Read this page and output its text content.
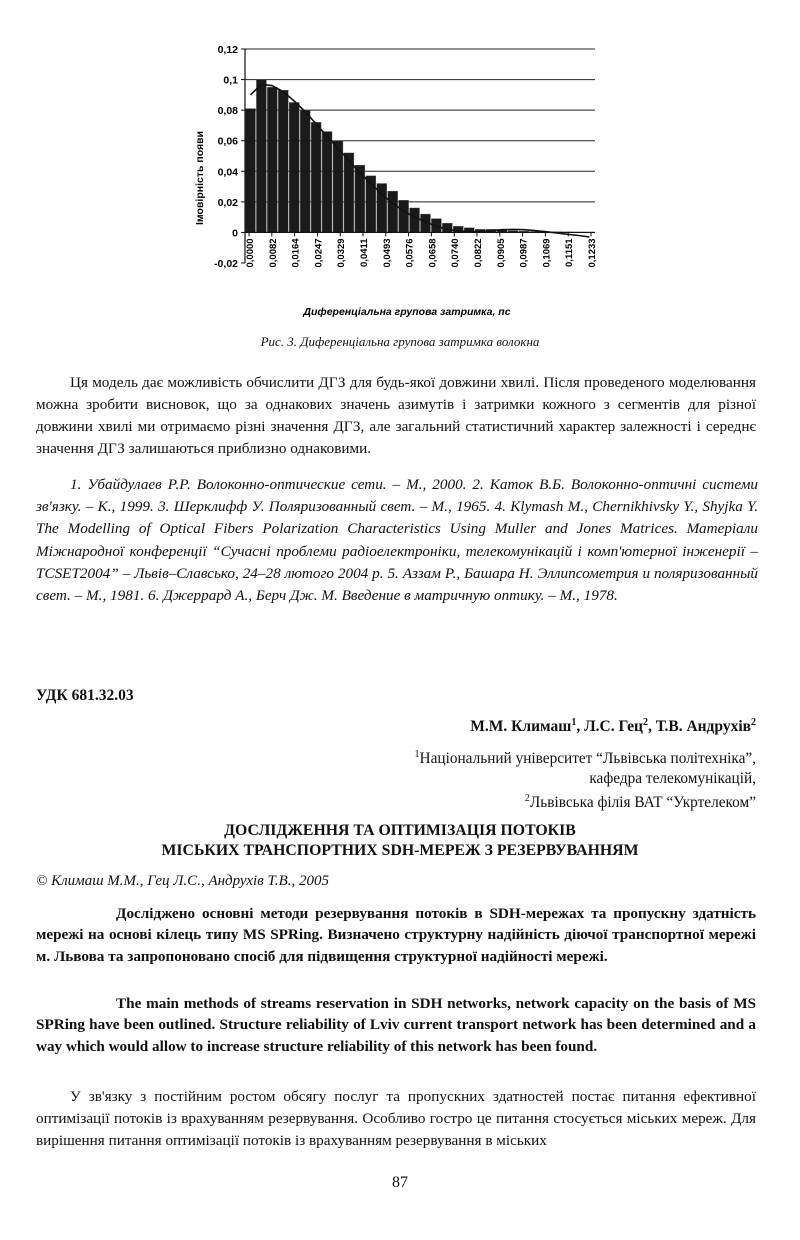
0,12
0,1
0,08
0,06
0,04
0,02
0
-0,02 0,0000 0,0082 0,0164 0,0247 0,0329 0,0411 0,0493 0,0576 0,0658 0,0740 0,0822 0,0905 0,0987 0,1069 0,1151 0,1233
Імовірність появи
Диференціальна групова затримка, пс
Рис. 3. Диференціальна групова затримка волокна
Ця модель дає можливість обчислити ДГЗ для будь-якої довжини хвилі. Після проведеного моделювання можна зробити висновок, що за однакових значень азимутів і затримки кожного з сегментів для різної довжини хвилі ми отримаємо різні значення ДГЗ, але загальний статистичний характер залежності і середнє значення ДГЗ залишаються приблизно однаковими.
1. Убайдулаев Р.Р. Волоконно-оптические сети. – М., 2000. 2. Каток В.Б. Волоконно-оптичні системи зв'язку. – К., 1999. 3. Шерклифф У. Поляризованный свет. – М., 1965. 4. Klymash M., Chernikhivsky Y., Shyjka Y. The Modelling of Optical Fibers Polarization Characteristics Using Muller and Jones Matrices. Матеріали Міжнародної конференції “Сучасні проблеми радіоелектроніки, телекомунікацій і комп'ютерної інженерії – TCSET2004” – Львів–Славсько, 24–28 лютого 2004 р. 5. Аззам Р., Башара Н. Эллипсометрия и поляризованный свет. – М., 1981. 6. Джеррард А., Берч Дж. М. Введение в матричную оптику. – М., 1978.
УДК 681.32.03
М.М. Климаш$^1$, Л.С. Гец$^2$, Т.В. Андрухів$^2$
$^1$Національний університет “Львівська політехніка”,
кафедра телекомунікацій,
$^2$Львівська філія ВАТ “Укртелеком”
ДОСЛІДЖЕННЯ ТА ОПТИМІЗАЦІЯ ПОТОКІВ
МІСЬКИХ ТРАНСПОРТНИХ SDH-МЕРЕЖ З РЕЗЕРВУВАННЯМ
© Климаш М.М., Гец Л.С., Андрухів Т.В., 2005
Досліджено основні методи резервування потоків в SDH-мережах та пропускну здатність мережі на основі кілець типу MS SPRing. Визначено структурну надійність діючої транспортної мережі м. Львова та запропоновано спосіб для підвищення структурної надійності мережі.
The main methods of streams reservation in SDH networks, network capacity on the basis of MS SPRing have been outlined. Structure reliability of Lviv current transport network has been determined and a way which would allow to increase structure reliability of this network has been found.
У зв'язку з постійним ростом обсягу послуг та пропускних здатностей постає питання ефективної оптимізації потоків із врахуванням резервування. Особливо гостро це питання стосується міських мереж. Для вирішення питання оптимізації потоків із врахуванням резервування в міських
87
